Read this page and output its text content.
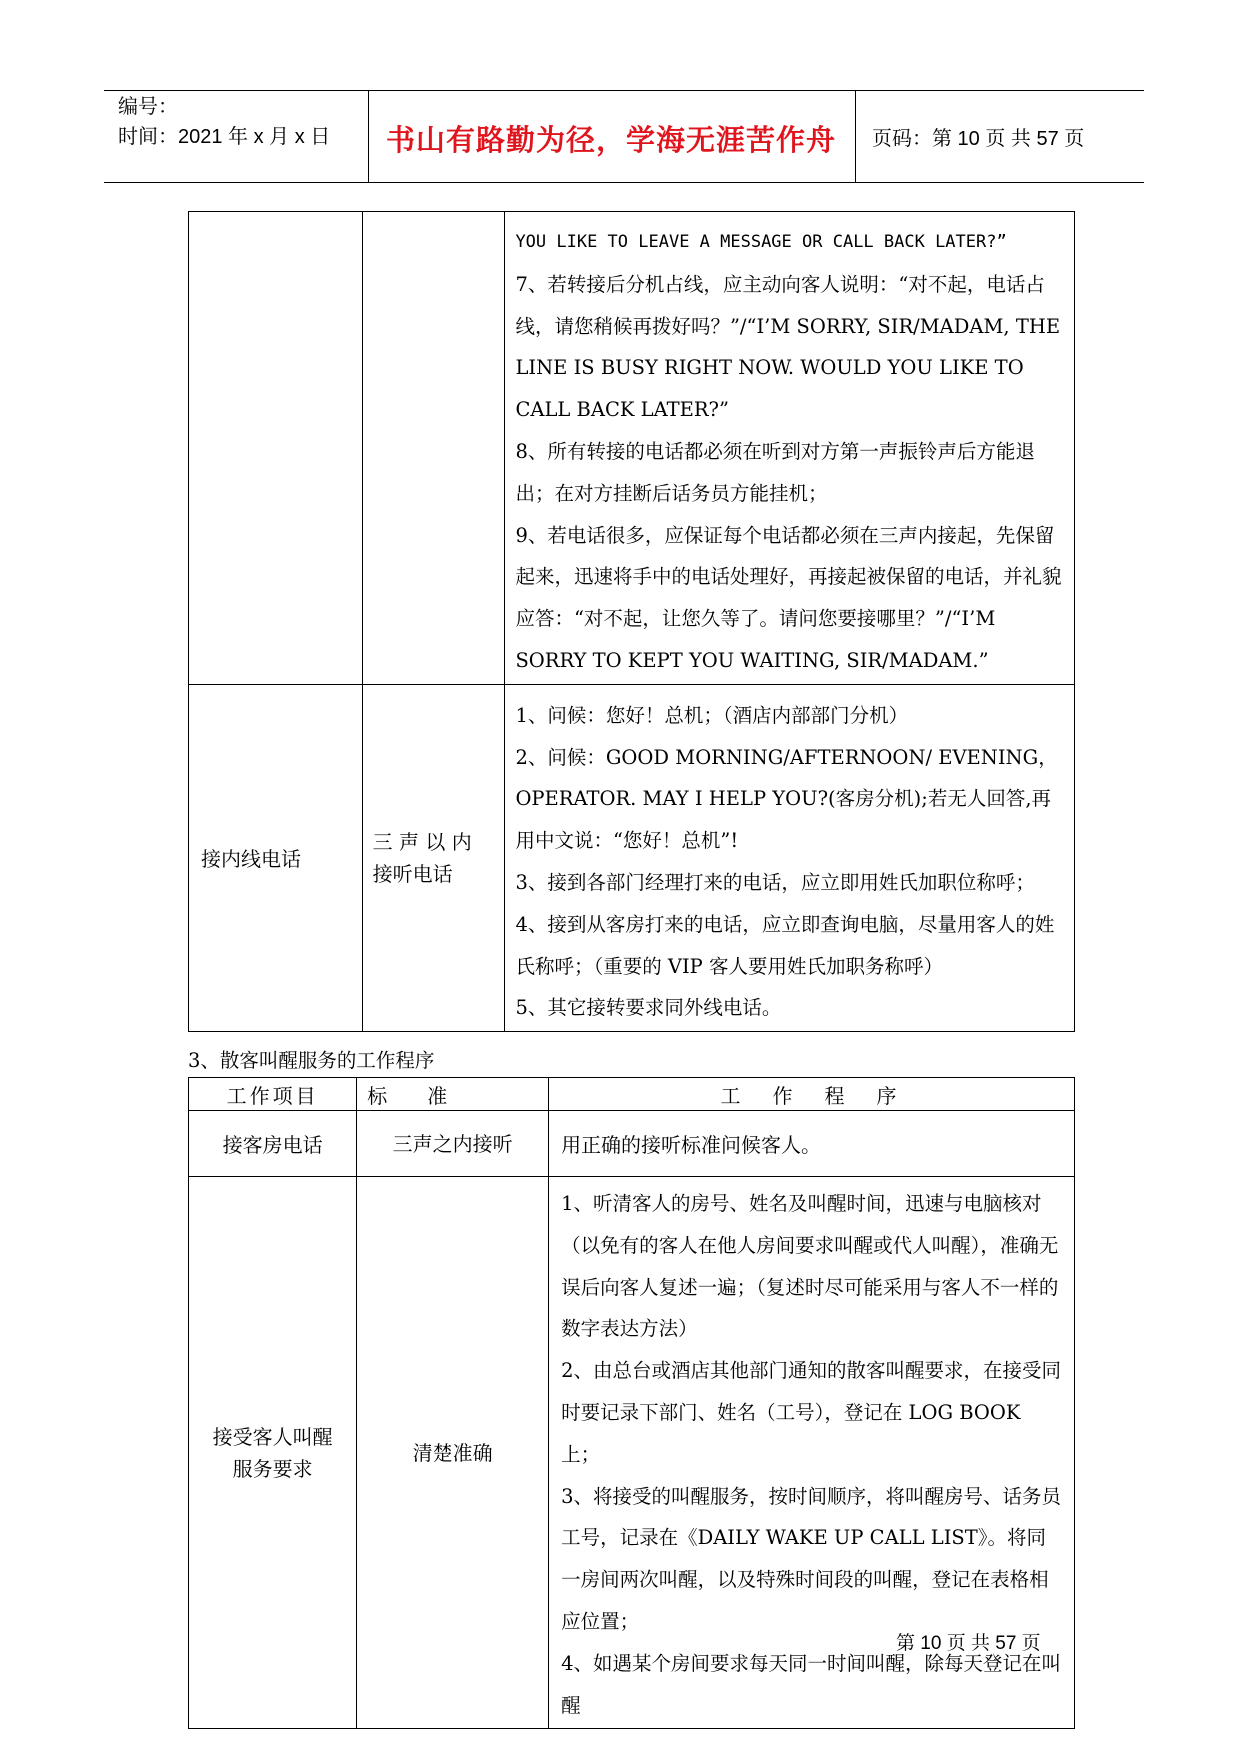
编号：
时间：2021 年 x 月 x 日	书山有路勤为径，学海无涯苦作舟	页码：第 10 页 共 57 页

		YOU LIKE TO LEAVE A MESSAGE OR CALL BACK LATER?”
7、若转接后分机占线，应主动向客人说明：“对不起，电话占线，请您稍候再拨好吗？”/“I’M SORRY, SIR/MADAM, THE LINE IS BUSY RIGHT NOW. WOULD YOU LIKE TO CALL BACK LATER?”
8、所有转接的电话都必须在听到对方第一声振铃声后方能退出；在对方挂断后话务员方能挂机；
9、若电话很多，应保证每个电话都必须在三声内接起，先保留起来，迅速将手中的电话处理好，再接起被保留的电话，并礼貌应答：“对不起，让您久等了。请问您要接哪里？”/“I’M SORRY TO KEPT YOU WAITING, SIR/MADAM.”

接内线电话	三 声 以 内 接听电话	1、问候：您好！总机；（酒店内部部门分机）
2、问候：GOOD MORNING/AFTERNOON/ EVENING，OPERATOR. MAY I HELP YOU?(客房分机);若无人回答,再用中文说：“您好！总机”!
3、接到各部门经理打来的电话，应立即用姓氏加职位称呼；
4、接到从客房打来的电话，应立即查询电脑，尽量用客人的姓氏称呼；（重要的 VIP 客人要用姓氏加职务称呼）
5、其它接转要求同外线电话。
3、散客叫醒服务的工作程序
工作项目	标　　准	工　作　程　序
接客房电话	三声之内接听	用正确的接听标准问候客人。
接受客人叫醒服务要求	清楚准确	1、听清客人的房号、姓名及叫醒时间，迅速与电脑核对（以免有的客人在他人房间要求叫醒或代人叫醒），准确无误后向客人复述一遍；（复述时尽可能采用与客人不一样的数字表达方法）
2、由总台或酒店其他部门通知的散客叫醒要求，在接受同时要记录下部门、姓名（工号），登记在 LOG BOOK 上；
3、将接受的叫醒服务，按时间顺序，将叫醒房号、话务员工号，记录在《DAILY WAKE UP CALL LIST》。将同一房间两次叫醒，以及特殊时间段的叫醒，登记在表格相应位置；
4、如遇某个房间要求每天同一时间叫醒，除每天登记在叫醒
第 10 页 共 57 页
